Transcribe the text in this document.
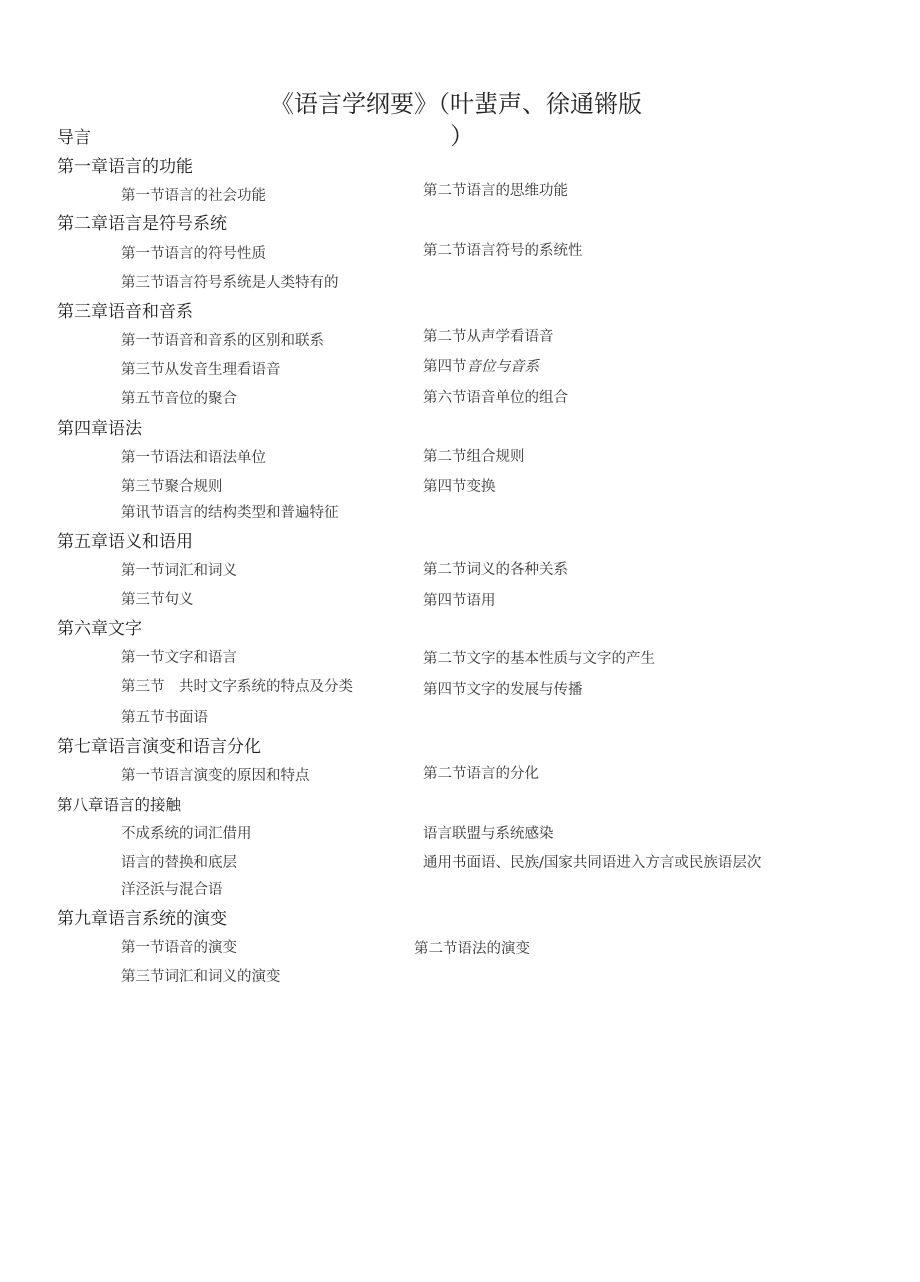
《语言学纲要》（叶蜚声、徐通锵版
）
导言
第一章语言的功能
第一节语言的社会功能	第二节语言的思维功能
第二章语言是符号系统
第一节语言的符号性质	第二节语言符号的系统性
第三节语言符号系统是人类特有的
第三章语音和音系
第一节语音和音系的区别和联系	第二节从声学看语音
第三节从发音生理看语音	第四节音位与音系
第五节音位的聚合	第六节语音单位的组合
第四章语法
第一节语法和语法单位	第二节组合规则
第三节聚合规则	第四节变换
第讯节语言的结构类型和普遍特征
第五章语义和语用
第一节词汇和词义	第二节词义的各种关系
第三节句义	第四节语用
第六章文字
第一节文字和语言	第二节文字的基本性质与文字的产生
第三节　共时文字系统的特点及分类	第四节文字的发展与传播
第五节书面语
第七章语言演变和语言分化
第一节语言演变的原因和特点	第二节语言的分化
第八章语言的接触
不成系统的词汇借用	语言联盟与系统感染
语言的替换和底层	通用书面语、民族/国家共同语进入方言或民族语层次
洋泾浜与混合语
第九章语言系统的演变
第一节语音的演变	第二节语法的演变
第三节词汇和词义的演变
